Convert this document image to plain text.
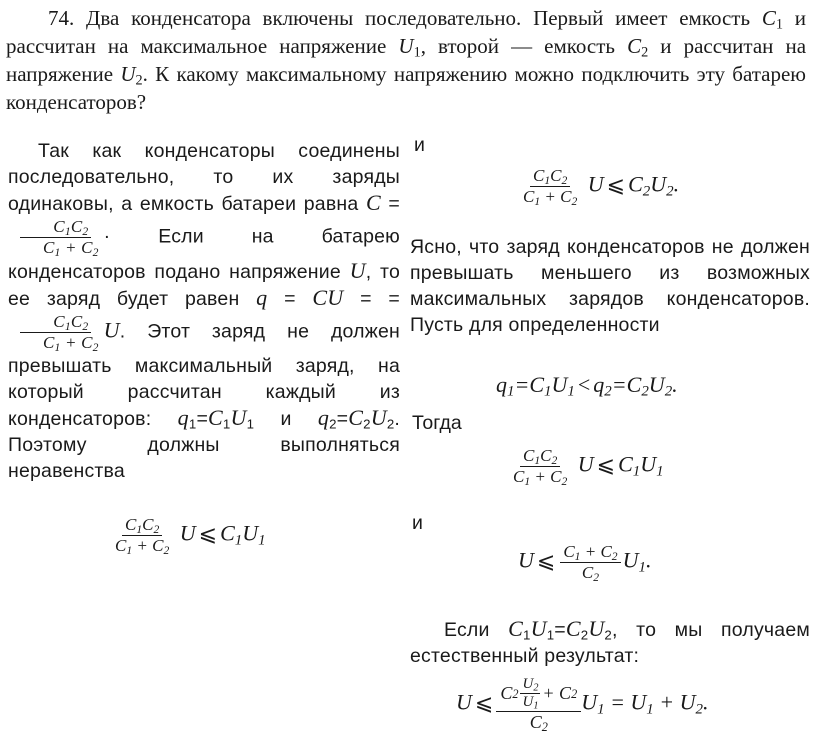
74. Два конденсатора включены последовательно. Первый имеет емкость $C_1$ и рассчитан на максимальное напряжение $U_1$, второй — емкость $C_2$ и рассчитан на напряжение $U_2$. К какому максимальному напряжению можно подключить эту батарею конденсаторов?
Так как конденсаторы соединены последовательно, то их заряды одинаковы, а емкость батареи равна C =
$\frac{C_1C_2}{C_1 + C_2}$ · Если на батарею конденсаторов подано напряжение U, то ее заряд будет равен q = CU = =
$\frac{C_1C_2}{C_1 + C_2} U$. Этот заряд не должен превышать максимальный заряд, на который рассчитан каждый из конденсаторов: $q_1=C_1U_1$ и $q_2=C_2U_2$. Поэтому должны выполняться неравенства
$\frac{C_1C_2}{C_1 + C_2}$ U ⩽ $C_1U_1$
и
$\frac{C_1C_2}{C_1 + C_2}$ U ⩽ $C_2U_2$.
Ясно, что заряд конденсаторов не должен превышать меньшего из возможных максимальных зарядов конденсаторов. Пусть для определенности
$q_1=C_1U_1 < q_2=C_2U_2$.
Тогда
$\frac{C_1C_2}{C_1 + C_2}$ U ⩽ $C_1U_1$
и
U ⩽ $\frac{C_1 + C_2}{C_2} U_1$.
Если $C_1U_1=C_2U_2$, то мы получаем естественный результат:
U ⩽ C 2
$U_2$
$U_1$
+ C 2
$C_2$ $U_1 = U_1 + U_2$.
